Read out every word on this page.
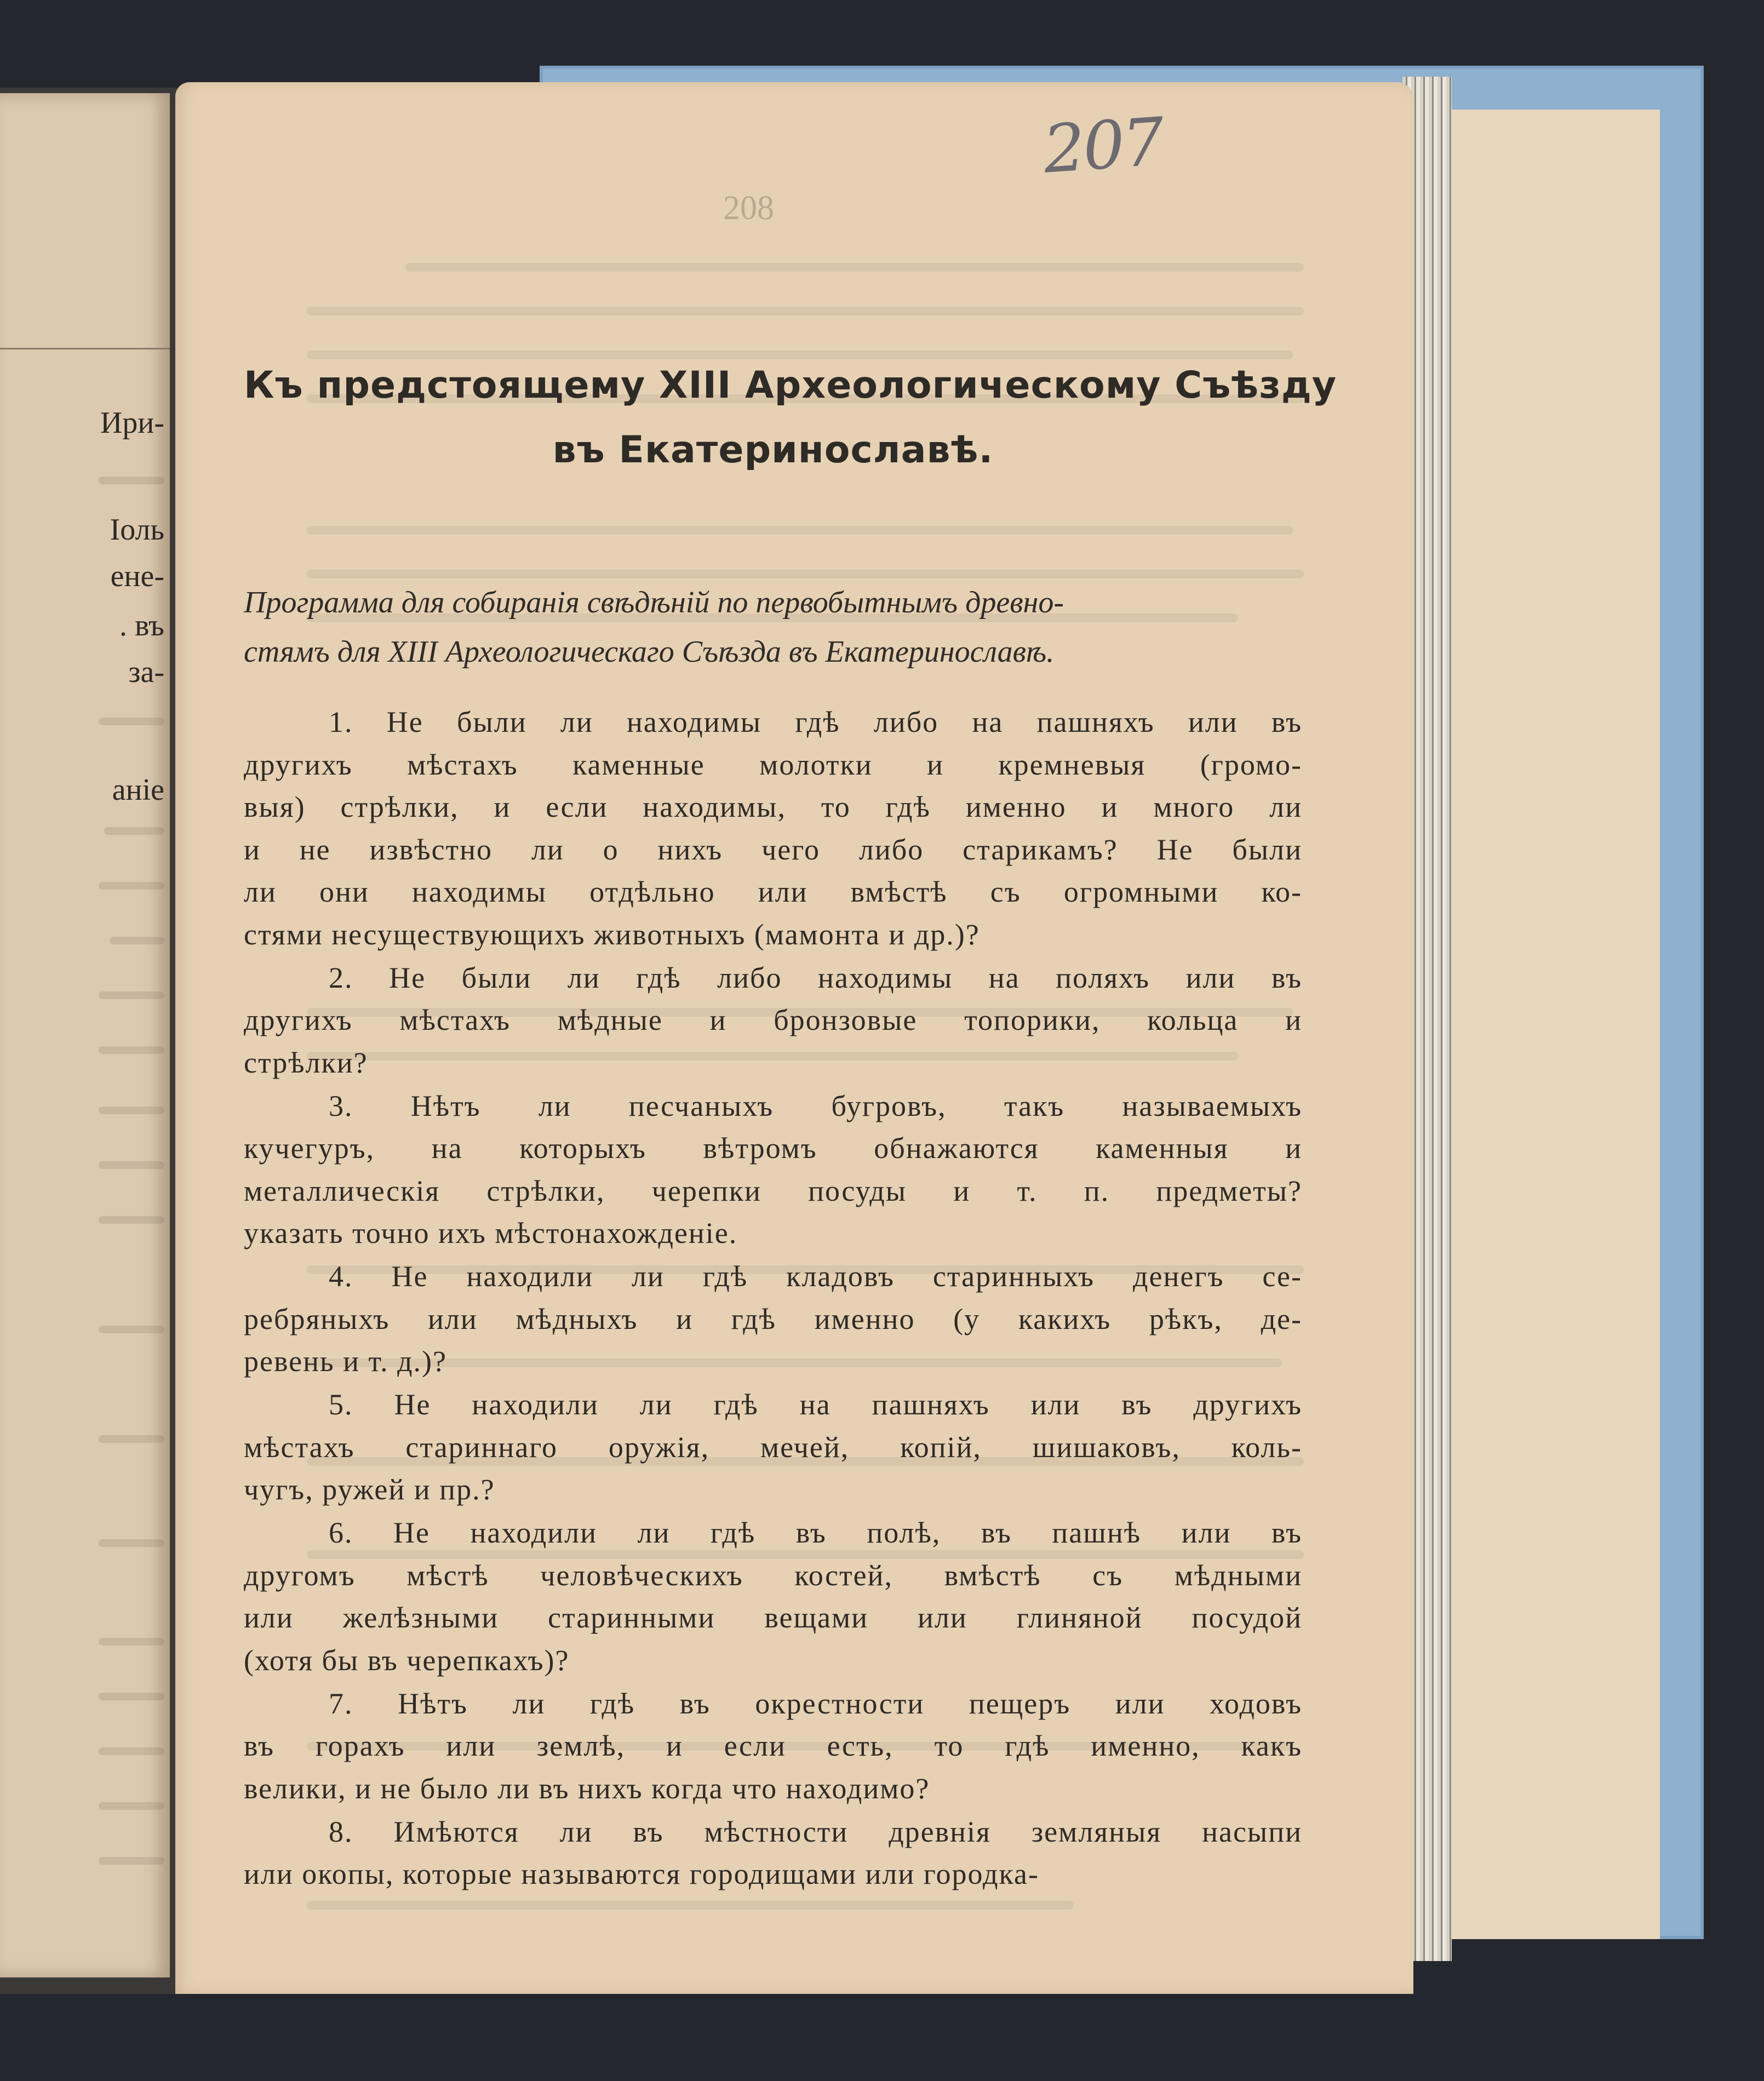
Ири-
Іоль
ене-
. въ
за-
аніе
207
208
Къ предстоящему XIII Археологическому Съѣзду
въ Екатеринославѣ.
Программа для собиранія свѣдѣній по первобытнымъ древно-
стямъ для XIII Археологическаго Съѣзда въ Екатеринославѣ.
1. Не были ли находимы гдѣ либо на пашняхъ или въ
другихъ мѣстахъ каменные молотки и кремневыя (громо-
выя) стрѣлки, и если находимы, то гдѣ именно и много ли
и не извѣстно ли о нихъ чего либо старикамъ? Не были
ли они находимы отдѣльно или вмѣстѣ съ огромными ко-
стями несуществующихъ животныхъ (мамонта и др.)?
2. Не были ли гдѣ либо находимы на поляхъ или въ
другихъ мѣстахъ мѣдные и бронзовые топорики, кольца и
стрѣлки?
3. Нѣтъ ли песчаныхъ бугровъ, такъ называемыхъ
кучегуръ, на которыхъ вѣтромъ обнажаются каменныя и
металлическія стрѣлки, черепки посуды и т. п. предметы?
указать точно ихъ мѣстонахожденіе.
4. Не находили ли гдѣ кладовъ старинныхъ денегъ се-
ребряныхъ или мѣдныхъ и гдѣ именно (у какихъ рѣкъ, де-
ревень и т. д.)?
5. Не находили ли гдѣ на пашняхъ или въ другихъ
мѣстахъ стариннаго оружія, мечей, копій, шишаковъ, коль-
чугъ, ружей и пр.?
6. Не находили ли гдѣ въ полѣ, въ пашнѣ или въ
другомъ мѣстѣ человѣческихъ костей, вмѣстѣ съ мѣдными
или желѣзными старинными вещами или глиняной посудой
(хотя бы въ черепкахъ)?
7. Нѣтъ ли гдѣ въ окрестности пещеръ или ходовъ
въ горахъ или землѣ, и если есть, то гдѣ именно, какъ
велики, и не было ли въ нихъ когда что находимо?
8. Имѣются ли въ мѣстности древнія земляныя насыпи
или окопы, которые называются городищами или городка-
